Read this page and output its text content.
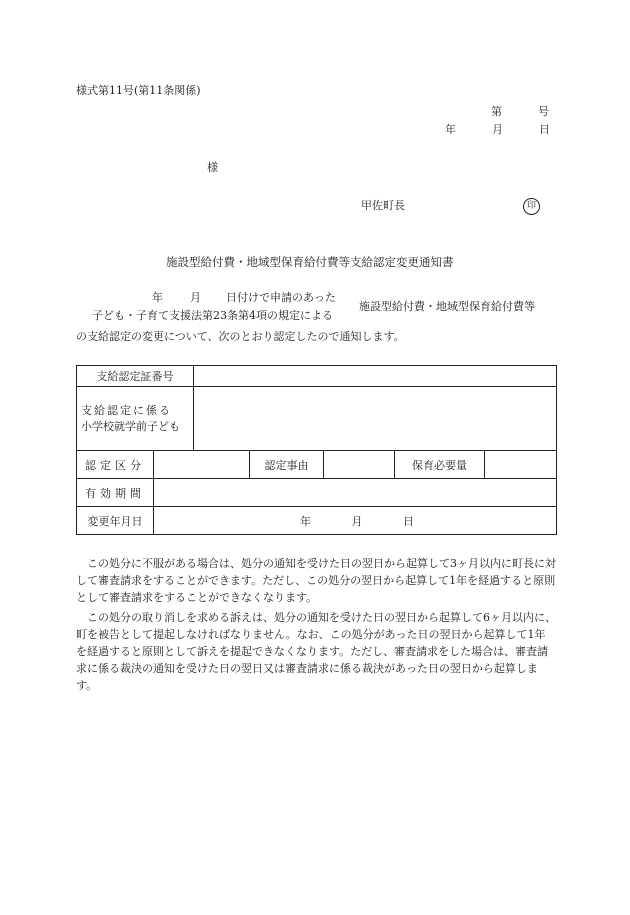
様式第11号(第11条関係)
第	号
年	月	日
様
甲佐町長	印
施設型給付費・地域型保育給付費等支給認定変更通知書
年 月 日付けで申請のあった
子ども・子育て支援法第23条第4項の規定による
施設型給付費・地域型保育給付費等
の支給認定の変更について、次のとおり認定したので通知します。
支給認定証番号						

支給認定に係る
小学校就学前子ども						

認定区分			認定事由		保育必要量	
有効期間						
変更年月日	年 月 日					

この処分に不服がある場合は、処分の通知を受けた日の翌日から起算して3ヶ月以内に町長に対して審査請求をすることができます。ただし、この処分の翌日から起算して1年を経過すると原則として審査請求をすることができなくなります。

この処分の取り消しを求める訴えは、処分の通知を受けた日の翌日から起算して6ヶ月以内に、町を被告として提起しなければなりません。なお、この処分があった日の翌日から起算して1年を経過すると原則として訴えを提起できなくなります。ただし、審査請求をした場合は、審査請求に係る裁決の通知を受けた日の翌日又は審査請求に係る裁決があった日の翌日から起算します。
